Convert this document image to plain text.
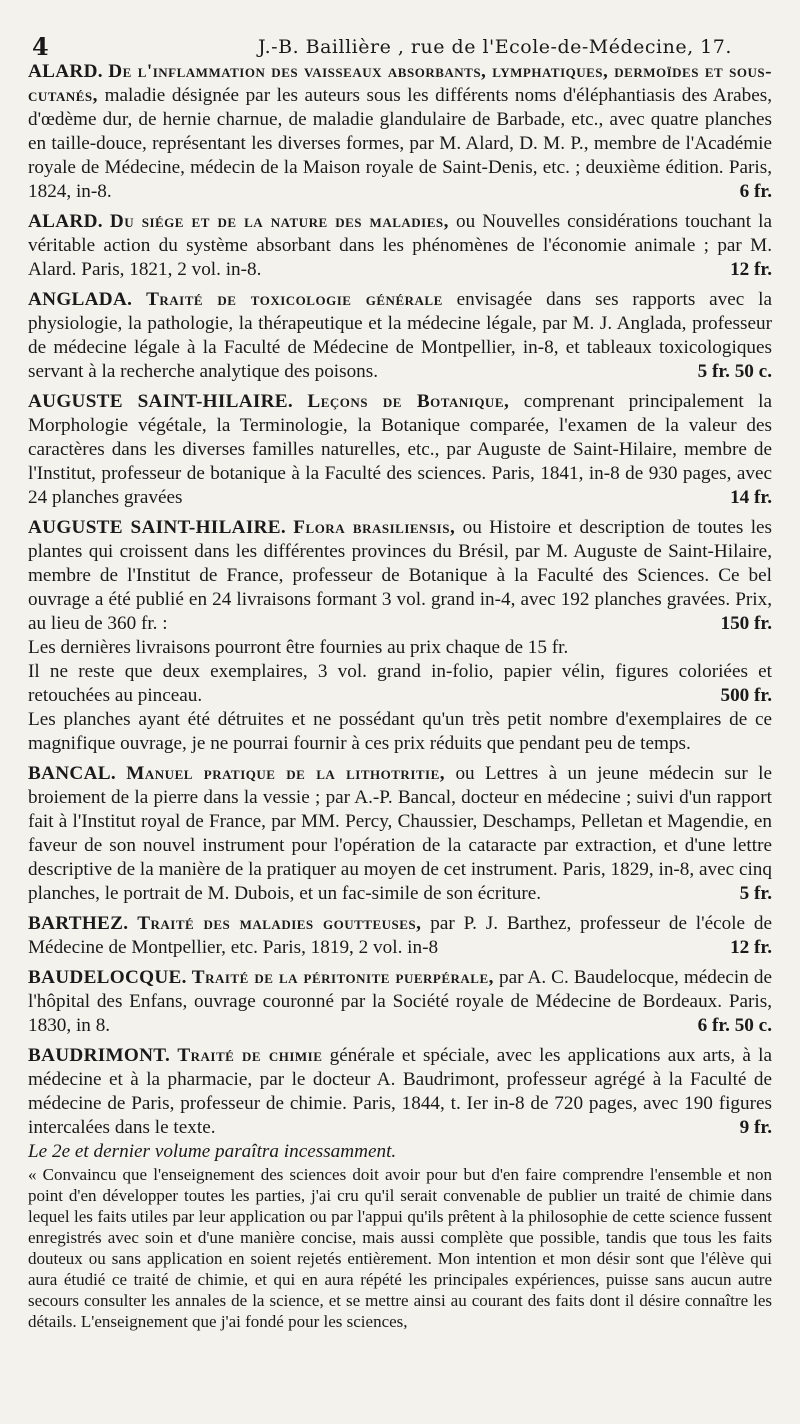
4	J.-B. Baillière , rue de l'Ecole-de-Médecine, 17.

ALARD. De l'inflammation des vaisseaux absorbants, lymphatiques, dermoïdes et sous-cutanés, maladie désignée par les auteurs sous les différents noms d'éléphantiasis des Arabes, d'œdème dur, de hernie charnue, de maladie glandulaire de Barbade, etc., avec quatre planches en taille-douce, représentant les diverses formes, par M. Alard, D. M. P., membre de l'Académie royale de Médecine, médecin de la Maison royale de Saint-Denis, etc. ; deuxième édition. Paris, 1824, in-8.	6 fr.

ALARD. Du siége et de la nature des maladies, ou Nouvelles considérations touchant la véritable action du système absorbant dans les phénomènes de l'économie animale ; par M. Alard. Paris, 1821, 2 vol. in-8.	12 fr.

ANGLADA. Traité de toxicologie générale envisagée dans ses rapports avec la physiologie, la pathologie, la thérapeutique et la médecine légale, par M. J. Anglada, professeur de médecine légale à la Faculté de Médecine de Montpellier, in-8, et tableaux toxicologiques servant à la recherche analytique des poisons.	5 fr. 50 c.

AUGUSTE SAINT-HILAIRE. Leçons de Botanique, comprenant principalement la Morphologie végétale, la Terminologie, la Botanique comparée, l'examen de la valeur des caractères dans les diverses familles naturelles, etc., par Auguste de Saint-Hilaire, membre de l'Institut, professeur de botanique à la Faculté des sciences. Paris, 1841, in-8 de 930 pages, avec 24 planches gravées	14 fr.

AUGUSTE SAINT-HILAIRE. Flora brasiliensis, ou Histoire et description de toutes les plantes qui croissent dans les différentes provinces du Brésil, par M. Auguste de Saint-Hilaire, membre de l'Institut de France, professeur de Botanique à la Faculté des Sciences. Ce bel ouvrage a été publié en 24 livraisons formant 3 vol. grand in-4, avec 192 planches gravées. Prix, au lieu de 360 fr. :	150 fr.

Les dernières livraisons pourront être fournies au prix chaque de 15 fr.

Il ne reste que deux exemplaires, 3 vol. grand in-folio, papier vélin, figures coloriées et retouchées au pinceau.	500 fr.

Les planches ayant été détruites et ne possédant qu'un très petit nombre d'exemplaires de ce magnifique ouvrage, je ne pourrai fournir à ces prix réduits que pendant peu de temps.

BANCAL. Manuel pratique de la lithotritie, ou Lettres à un jeune médecin sur le broiement de la pierre dans la vessie ; par A.-P. Bancal, docteur en médecine ; suivi d'un rapport fait à l'Institut royal de France, par MM. Percy, Chaussier, Deschamps, Pelletan et Magendie, en faveur de son nouvel instrument pour l'opération de la cataracte par extraction, et d'une lettre descriptive de la manière de la pratiquer au moyen de cet instrument. Paris, 1829, in-8, avec cinq planches, le portrait de M. Dubois, et un fac-simile de son écriture.	5 fr.

BARTHEZ. Traité des maladies goutteuses, par P. J. Barthez, professeur de l'école de Médecine de Montpellier, etc. Paris, 1819, 2 vol. in-8	12 fr.

BAUDELOCQUE. Traité de la péritonite puerpérale, par A. C. Baudelocque, médecin de l'hôpital des Enfans, ouvrage couronné par la Société royale de Médecine de Bordeaux. Paris, 1830, in 8.	6 fr. 50 c.

BAUDRIMONT. Traité de chimie générale et spéciale, avec les applications aux arts, à la médecine et à la pharmacie, par le docteur A. Baudrimont, professeur agrégé à la Faculté de médecine de Paris, professeur de chimie. Paris, 1844, t. Ier in-8 de 720 pages, avec 190 figures intercalées dans le texte.	9 fr.

Le 2e et dernier volume paraîtra incessamment.

« Convaincu que l'enseignement des sciences doit avoir pour but d'en faire comprendre l'ensemble et non point d'en développer toutes les parties, j'ai cru qu'il serait convenable de publier un traité de chimie dans lequel les faits utiles par leur application ou par l'appui qu'ils prêtent à la philosophie de cette science fussent enregistrés avec soin et d'une manière concise, mais aussi complète que possible, tandis que tous les faits douteux ou sans application en soient rejetés entièrement. Mon intention et mon désir sont que l'élève qui aura étudié ce traité de chimie, et qui en aura répété les principales expériences, puisse sans aucun autre secours consulter les annales de la science, et se mettre ainsi au courant des faits dont il désire connaître les détails. L'enseignement que j'ai fondé pour les sciences,
